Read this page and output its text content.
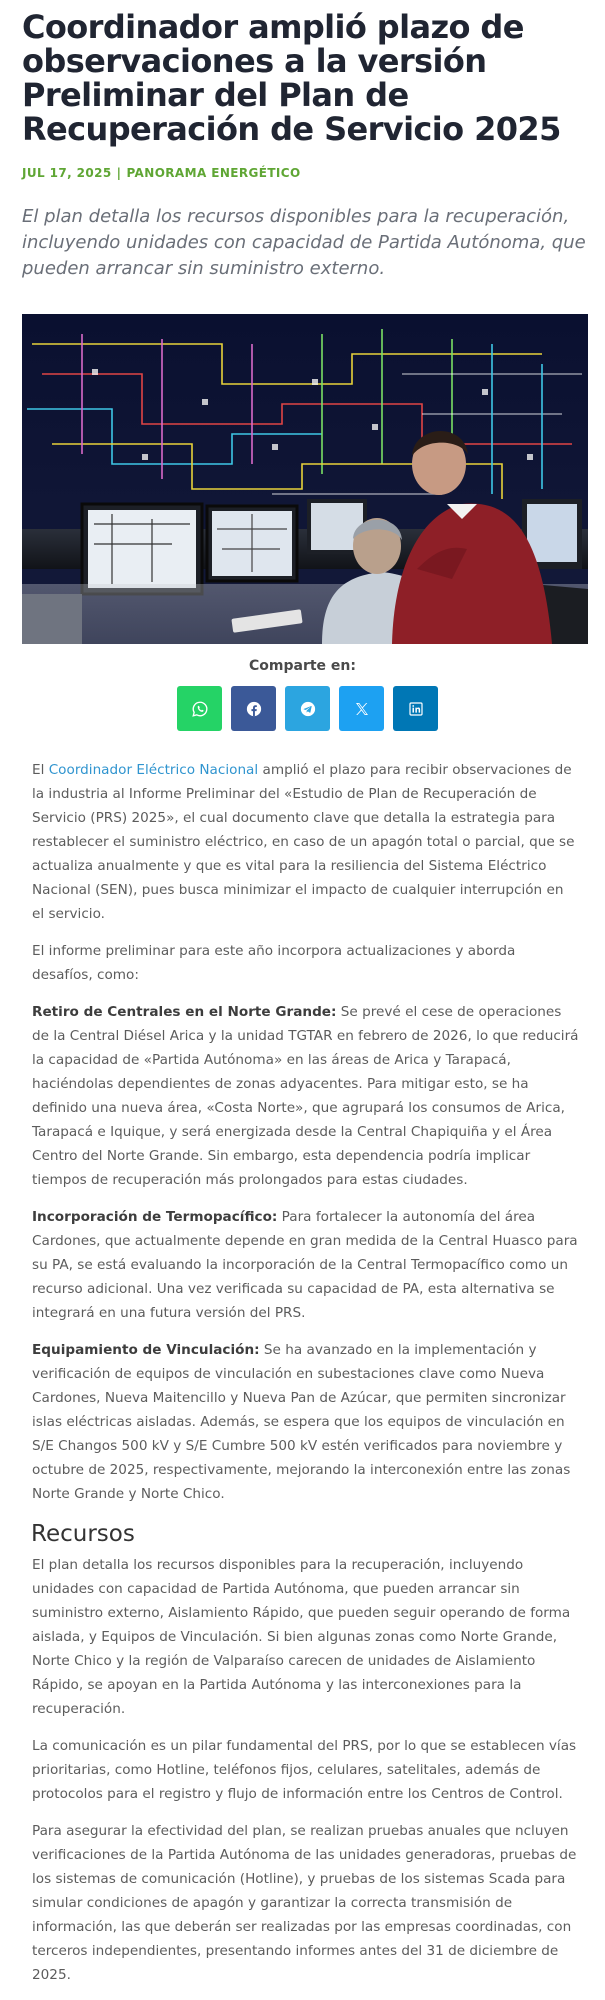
Coordinador amplió plazo de observaciones a la versión Preliminar del Plan de Recuperación de Servicio 2025
JUL 17, 2025 | PANORAMA ENERGÉTICO

El plan detalla los recursos disponibles para la recuperación, incluyendo unidades con capacidad de Partida Autónoma, que pueden arrancar sin suministro externo.

Comparte en:

El Coordinador Eléctrico Nacional amplió el plazo para recibir observaciones de la industria al Informe Preliminar del «Estudio de Plan de Recuperación de Servicio (PRS) 2025», el cual documento clave que detalla la estrategia para restablecer el suministro eléctrico, en caso de un apagón total o parcial, que se actualiza anualmente y que es vital para la resiliencia del Sistema Eléctrico Nacional (SEN), pues busca minimizar el impacto de cualquier interrupción en el servicio.

El informe preliminar para este año incorpora actualizaciones y aborda desafíos, como:

Retiro de Centrales en el Norte Grande: Se prevé el cese de operaciones de la Central Diésel Arica y la unidad TGTAR en febrero de 2026, lo que reducirá la capacidad de «Partida Autónoma» en las áreas de Arica y Tarapacá, haciéndolas dependientes de zonas adyacentes. Para mitigar esto, se ha definido una nueva área, «Costa Norte», que agrupará los consumos de Arica, Tarapacá e Iquique, y será energizada desde la Central Chapiquiña y el Área Centro del Norte Grande. Sin embargo, esta dependencia podría implicar tiempos de recuperación más prolongados para estas ciudades.

Incorporación de Termopacífico: Para fortalecer la autonomía del área Cardones, que actualmente depende en gran medida de la Central Huasco para su PA, se está evaluando la incorporación de la Central Termopacífico como un recurso adicional. Una vez verificada su capacidad de PA, esta alternativa se integrará en una futura versión del PRS.

Equipamiento de Vinculación: Se ha avanzado en la implementación y verificación de equipos de vinculación en subestaciones clave como Nueva Cardones, Nueva Maitencillo y Nueva Pan de Azúcar, que permiten sincronizar islas eléctricas aisladas. Además, se espera que los equipos de vinculación en S/E Changos 500 kV y S/E Cumbre 500 kV estén verificados para noviembre y octubre de 2025, respectivamente, mejorando la interconexión entre las zonas Norte Grande y Norte Chico.

Recursos

El plan detalla los recursos disponibles para la recuperación, incluyendo unidades con capacidad de Partida Autónoma, que pueden arrancar sin suministro externo, Aislamiento Rápido, que pueden seguir operando de forma aislada, y Equipos de Vinculación. Si bien algunas zonas como Norte Grande, Norte Chico y la región de Valparaíso carecen de unidades de Aislamiento Rápido, se apoyan en la Partida Autónoma y las interconexiones para la recuperación.

La comunicación es un pilar fundamental del PRS, por lo que se establecen vías prioritarias, como Hotline, teléfonos fijos, celulares, satelitales, además de protocolos para el registro y flujo de información entre los Centros de Control.

Para asegurar la efectividad del plan, se realizan pruebas anuales que ncluyen verificaciones de la Partida Autónoma de las unidades generadoras, pruebas de los sistemas de comunicación (Hotline), y pruebas de los sistemas Scada para simular condiciones de apagón y garantizar la correcta transmisión de información, las que deberán ser realizadas por las empresas coordinadas, con terceros independientes, presentando informes antes del 31 de diciembre de 2025.
